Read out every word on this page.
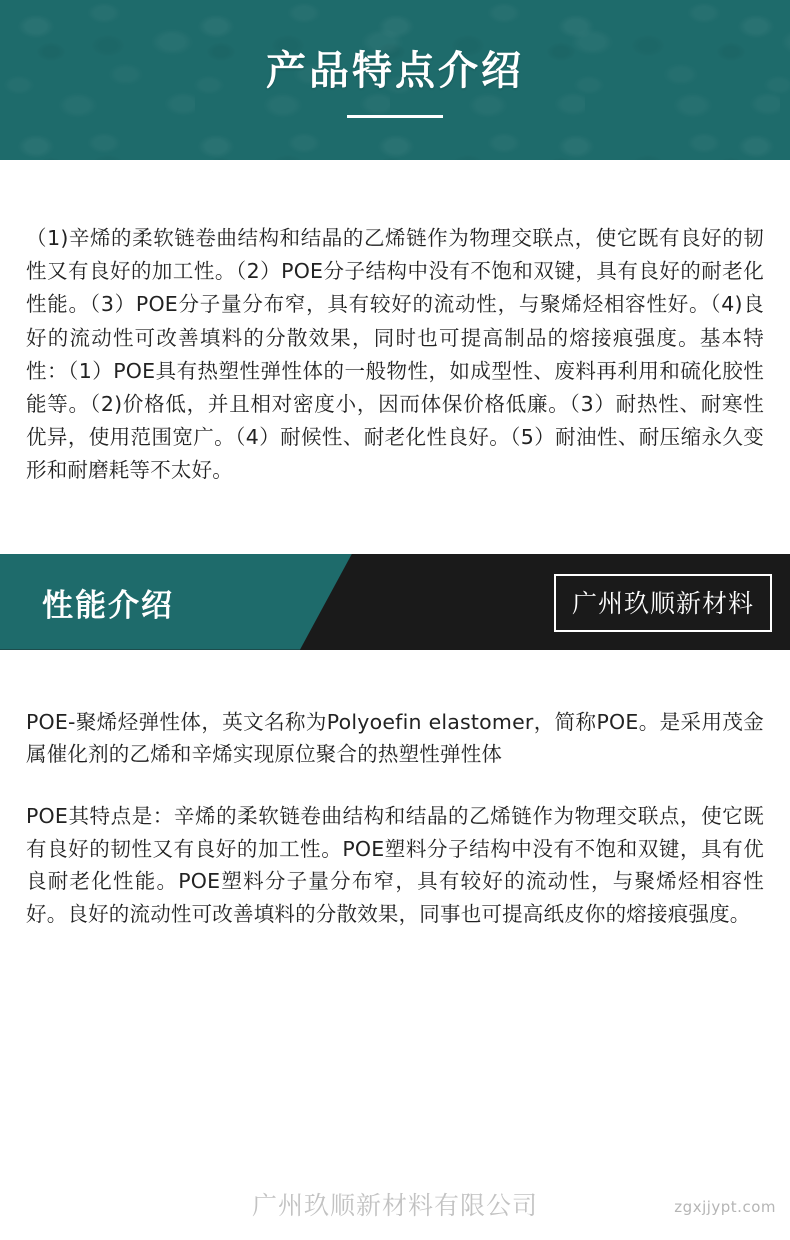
产品特点介绍

（1)辛烯的柔软链卷曲结构和结晶的乙烯链作为物理交联点，使它既有良好的韧性又有良好的加工性。（2）POE分子结构中没有不饱和双键，具有良好的耐老化性能。（3）POE分子量分布窄，具有较好的流动性，与聚烯烃相容性好。（4)良好的流动性可改善填料的分散效果，同时也可提高制品的熔接痕强度。基本特性：（1）POE具有热塑性弹性体的一般物性，如成型性、废料再利用和硫化胶性能等。（2)价格低，并且相对密度小，因而体保价格低廉。（3）耐热性、耐寒性优异，使用范围宽广。（4）耐候性、耐老化性良好。（5）耐油性、耐压缩永久变形和耐磨耗等不太好。

性能介绍	广州玖顺新材料

POE-聚烯烃弹性体，英文名称为Polyoefin elastomer，简称POE。是采用茂金属催化剂的乙烯和辛烯实现原位聚合的热塑性弹性体

POE其特点是：辛烯的柔软链卷曲结构和结晶的乙烯链作为物理交联点，使它既有良好的韧性又有良好的加工性。POE塑料分子结构中没有不饱和双键，具有优良耐老化性能。POE塑料分子量分布窄，具有较好的流动性，与聚烯烃相容性好。良好的流动性可改善填料的分散效果，同事也可提高纸皮你的熔接痕强度。

广州玖顺新材料有限公司	zgxjjypt.com
